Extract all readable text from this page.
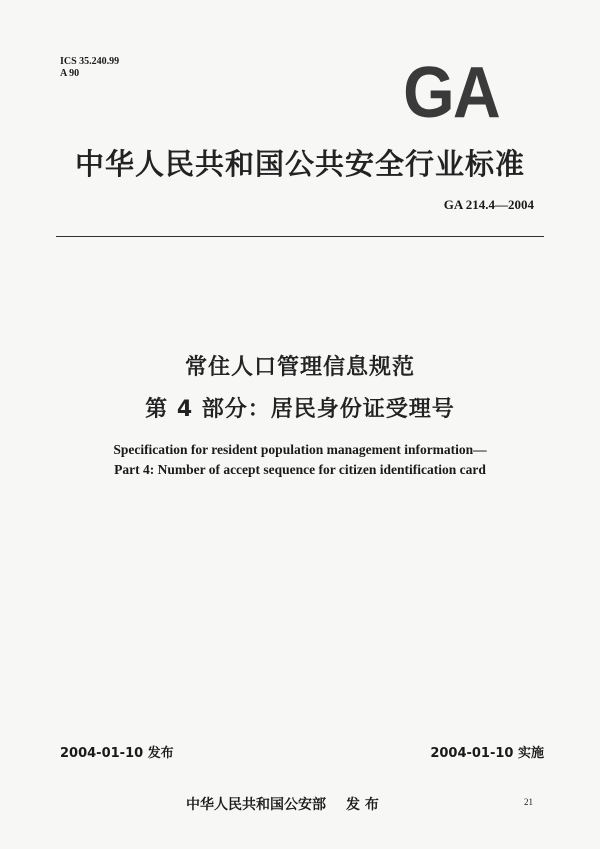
ICS 35.240.99
A 90	GA
中华人民共和国公共安全行业标准
GA 214.4—2004
常住人口管理信息规范
第 4 部分：居民身份证受理号
Specification for resident population management information—
Part 4: Number of accept sequence for citizen identification card
2004-01-10 发布	2004-01-10 实施
中华人民共和国公安部 发 布	21
